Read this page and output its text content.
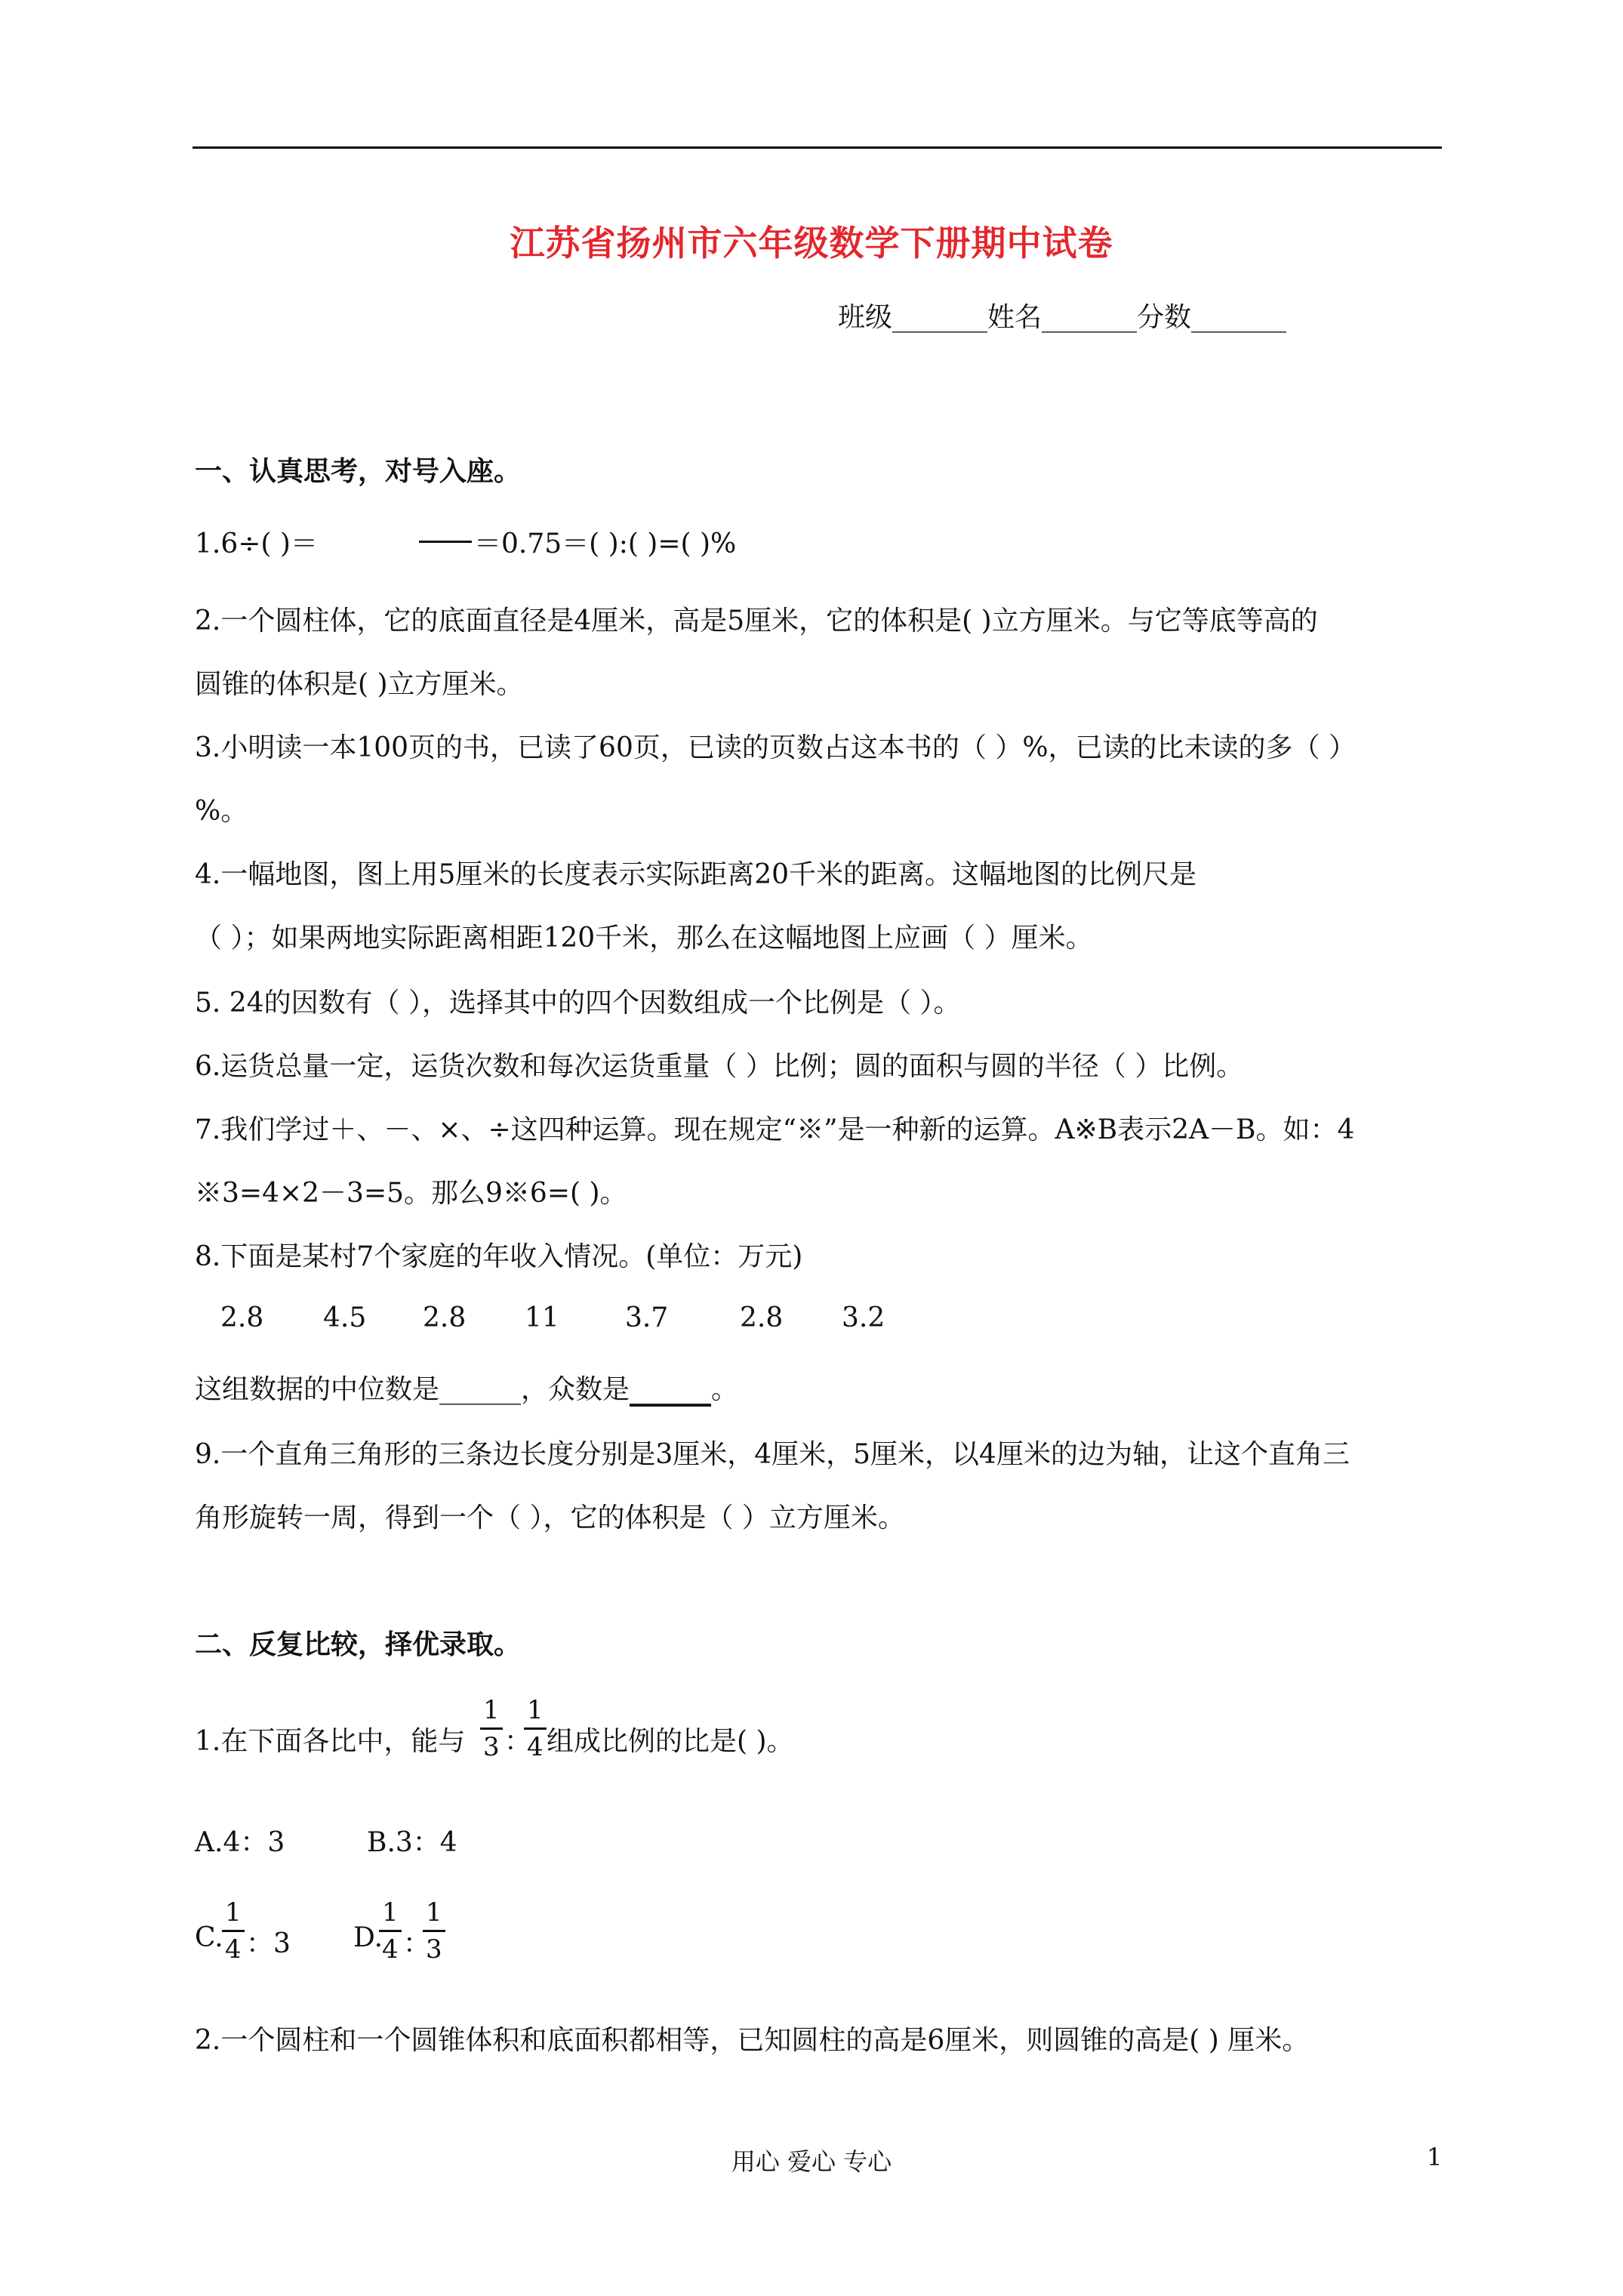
江苏省扬州市六年级数学下册期中试卷
班级_______姓名_______分数_______
一、认真思考，对号入座。
1.6÷( )＝	＝0.75＝( ):( )=( )%
2.一个圆柱体，它的底面直径是4厘米，高是5厘米，它的体积是( )立方厘米。与它等底等高的
圆锥的体积是( )立方厘米。
3.小明读一本100页的书，已读了60页，已读的页数占这本书的（ ）%，已读的比未读的多（ ）
%。
4.一幅地图，图上用5厘米的长度表示实际距离20千米的距离。这幅地图的比例尺是
（ ）；如果两地实际距离相距120千米，那么在这幅地图上应画（ ）厘米。
5. 24的因数有（ ），选择其中的四个因数组成一个比例是（ ）。
6.运货总量一定，运货次数和每次运货重量（ ）比例；圆的面积与圆的半径（ ）比例。
7.我们学过＋、－、×、÷这四种运算。现在规定“※”是一种新的运算。A※B表示2A－B。如：4
※3=4×2－3=5。那么9※6=( )。
8.下面是某村7个家庭的年收入情况。(单位：万元)
2.8 4.5 2.8 11 3.7	2.8 3.2
这组数据的中位数是______，众数是______。
9.一个直角三角形的三条边长度分别是3厘米，4厘米，5厘米，以4厘米的边为轴，让这个直角三
角形旋转一周，得到一个（ ），它的体积是（ ）立方厘米。
二、反复比较，择优录取。
1.在下面各比中，能与 $\frac{1}{3}$ ：
$\frac{1}{4}$ 组成比例的比是( )。
A.4：3	B.3：4
C.
$\frac{1}{4}$ ：3 D.
$\frac{1}{4}$ ：
$\frac{1}{3}$
2.一个圆柱和一个圆锥体积和底面积都相等，已知圆柱的高是6厘米，则圆锥的高是( ) 厘米。
用心 爱心 专心	1
